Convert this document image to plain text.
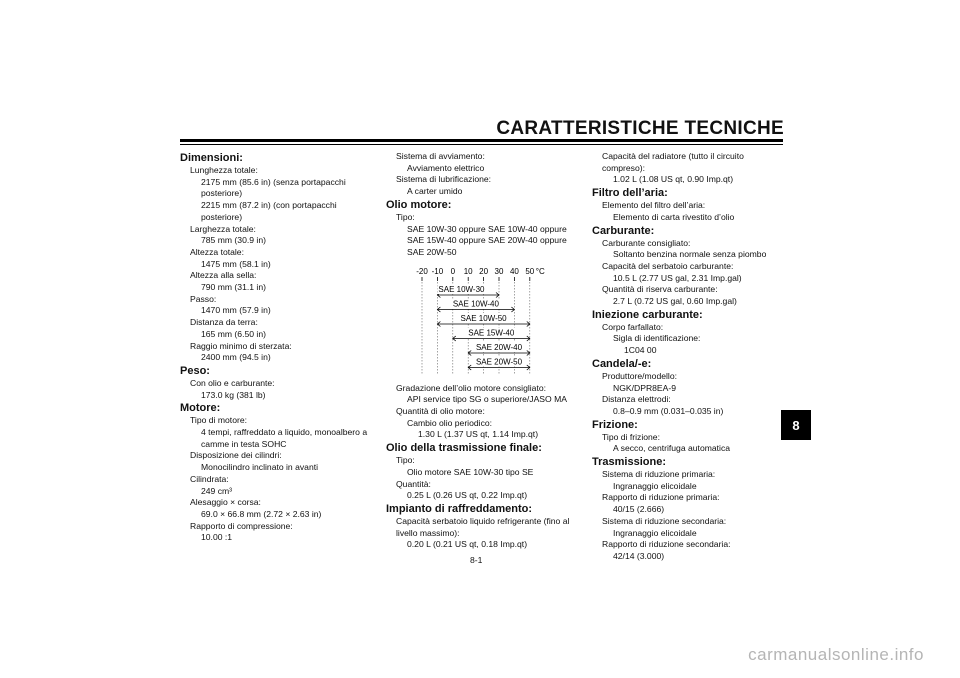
CARATTERISTICHE TECNICHE
Dimensioni:
Lunghezza totale:
2175 mm (85.6 in) (senza portapacchi
posteriore)
2215 mm (87.2 in) (con portapacchi
posteriore)
Larghezza totale:
785 mm (30.9 in)
Altezza totale:
1475 mm (58.1 in)
Altezza alla sella:
790 mm (31.1 in)
Passo:
1470 mm (57.9 in)
Distanza da terra:
165 mm (6.50 in)
Raggio minimo di sterzata:
2400 mm (94.5 in)
Peso:
Con olio e carburante:
173.0 kg (381 lb)
Motore:
Tipo di motore:
4 tempi, raffreddato a liquido, monoalbero a
camme in testa SOHC
Disposizione dei cilindri:
Monocilindro inclinato in avanti
Cilindrata:
249 cm³
Alesaggio × corsa:
69.0 × 66.8 mm (2.72 × 2.63 in)
Rapporto di compressione:
10.00 :1
Sistema di avviamento:
Avviamento elettrico
Sistema di lubrificazione:
A carter umido
Olio motore:
Tipo:
SAE 10W-30 oppure SAE 10W-40 oppure
SAE 15W-40 oppure SAE 20W-40 oppure
SAE 20W-50
-20 -10 0 10 20 30 40 50 °C
SAE 10W-30
SAE 10W-40
SAE 10W-50
SAE 15W-40
SAE 20W-40
SAE 20W-50
Gradazione dell’olio motore consigliato:
API service tipo SG o superiore/JASO MA
Quantità di olio motore:
Cambio olio periodico:
1.30 L (1.37 US qt, 1.14 Imp.qt)
Olio della trasmissione finale:
Tipo:
Olio motore SAE 10W-30 tipo SE
Quantità:
0.25 L (0.26 US qt, 0.22 Imp.qt)
Impianto di raffreddamento:
Capacità serbatoio liquido refrigerante (fino al
livello massimo):
0.20 L (0.21 US qt, 0.18 Imp.qt)
Capacità del radiatore (tutto il circuito
compreso):
1.02 L (1.08 US qt, 0.90 Imp.qt)
Filtro dell’aria:
Elemento del filtro dell’aria:
Elemento di carta rivestito d’olio
Carburante:
Carburante consigliato:
Soltanto benzina normale senza piombo
Capacità del serbatoio carburante:
10.5 L (2.77 US gal, 2.31 Imp.gal)
Quantità di riserva carburante:
2.7 L (0.72 US gal, 0.60 Imp.gal)
Iniezione carburante:
Corpo farfallato:
Sigla di identificazione:
1C04 00
Candela/-e:
Produttore/modello:
NGK/DPR8EA-9
Distanza elettrodi:
0.8–0.9 mm (0.031–0.035 in)
Frizione:
Tipo di frizione:
A secco, centrifuga automatica
Trasmissione:
Sistema di riduzione primaria:
Ingranaggio elicoidale
Rapporto di riduzione primaria:
40/15 (2.666)
Sistema di riduzione secondaria:
Ingranaggio elicoidale
Rapporto di riduzione secondaria:
42/14 (3.000)
8
8-1
carmanualsonline.info
